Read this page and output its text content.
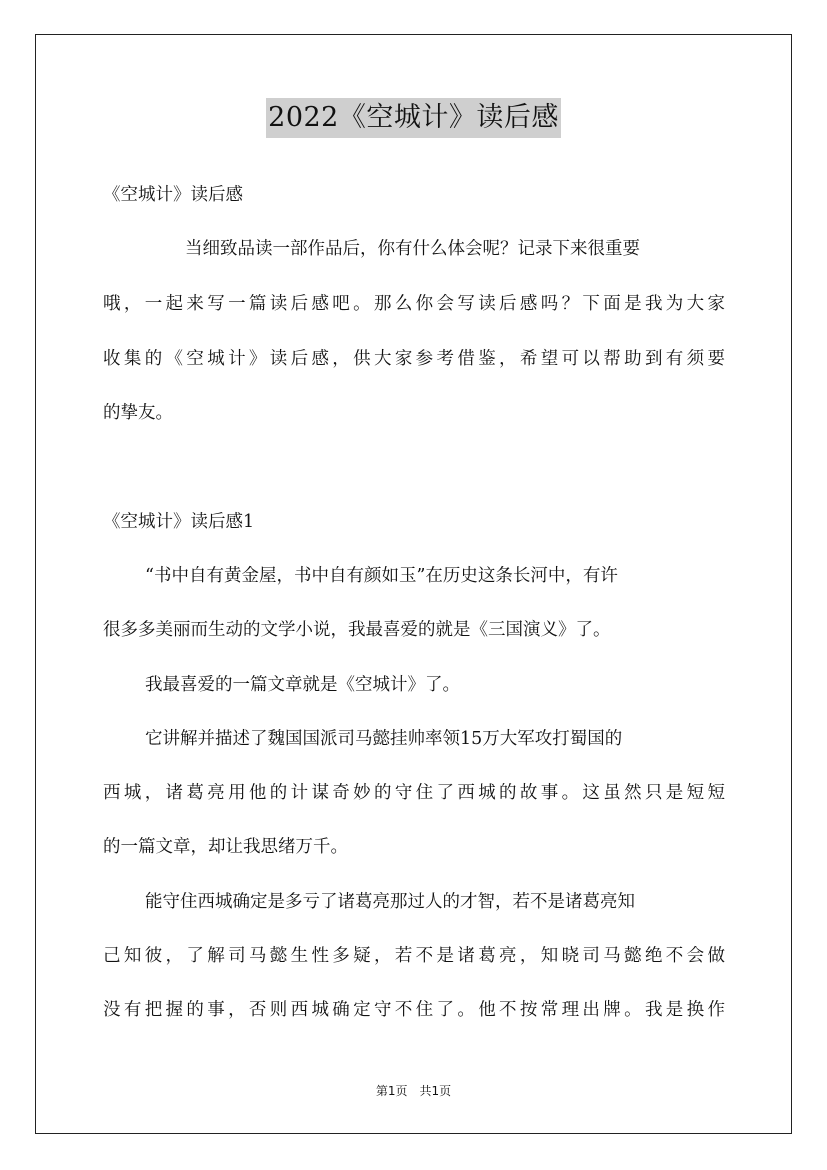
2022《空城计》读后感
《空城计》读后感
当细致品读一部作品后，你有什么体会呢？记录下来很重要
哦，一起来写一篇读后感吧。那么你会写读后感吗？下面是我为大家
收集的《空城计》读后感，供大家参考借鉴，希望可以帮助到有须要
的挚友。
《空城计》读后感1
“书中自有黄金屋，书中自有颜如玉”在历史这条长河中，有许
很多多美丽而生动的文学小说，我最喜爱的就是《三国演义》了。
我最喜爱的一篇文章就是《空城计》了。
它讲解并描述了魏国国派司马懿挂帅率领15万大军攻打蜀国的
西城，诸葛亮用他的计谋奇妙的守住了西城的故事。这虽然只是短短
的一篇文章，却让我思绪万千。
能守住西城确定是多亏了诸葛亮那过人的才智，若不是诸葛亮知
己知彼，了解司马懿生性多疑，若不是诸葛亮，知晓司马懿绝不会做
没有把握的事，否则西城确定守不住了。他不按常理出牌。我是换作
第1页　共1页
